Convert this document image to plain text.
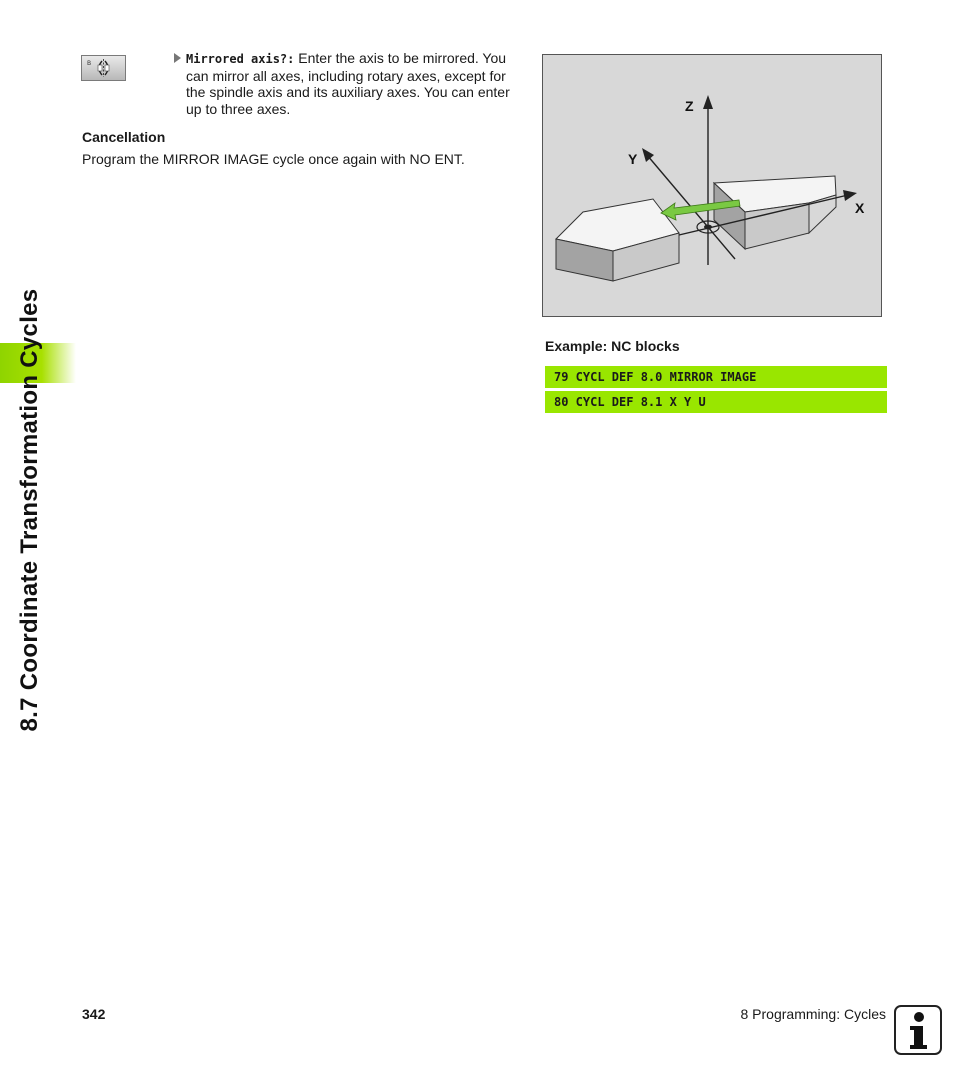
8.7 Coordinate Transformation Cycles
B	Mirrored axis?: Enter the axis to be mirrored. You can mirror all axes, including rotary axes, except for the spindle axis and its auxiliary axes. You can enter up to three axes.
Cancellation
Program the MIRROR IMAGE cycle once again with NO ENT.
Z
Y
X
Example: NC blocks
79 CYCL DEF 8.0 MIRROR IMAGE
80 CYCL DEF 8.1 X Y U
342	8 Programming: Cycles
